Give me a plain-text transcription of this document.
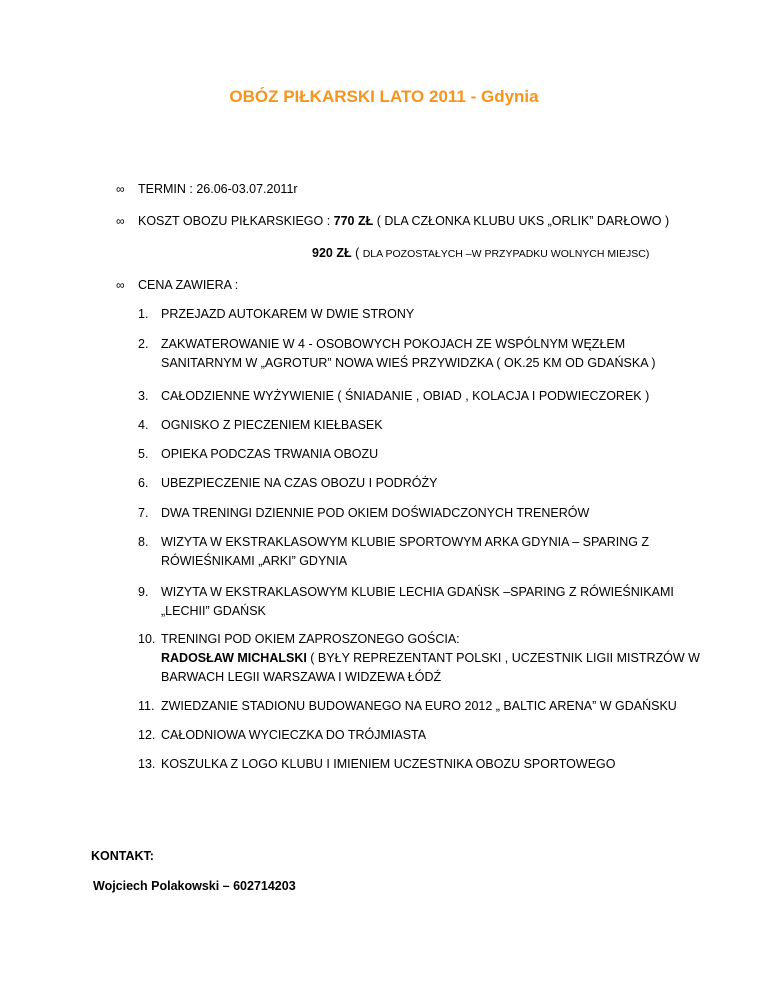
OBÓZ PIŁKARSKI LATO 2011 - Gdynia
∞ TERMIN : 26.06-03.07.2011r
∞ KOSZT OBOZU PIŁKARSKIEGO : 770 ZŁ ( DLA CZŁONKA KLUBU UKS „ORLIK” DARŁOWO )
920 ZŁ ( DLA POZOSTAŁYCH –W PRZYPADKU WOLNYCH MIEJSC)
∞ CENA ZAWIERA :
1. PRZEJAZD AUTOKAREM W DWIE STRONY
2. ZAKWATEROWANIE W 4 - OSOBOWYCH POKOJACH ZE WSPÓLNYM WĘZŁEM
SANITARNYM W „AGROTUR” NOWA WIEŚ PRZYWIDZKA ( OK.25 KM OD GDAŃSKA )
3. CAŁODZIENNE WYŻYWIENIE ( ŚNIADANIE , OBIAD , KOLACJA I PODWIECZOREK )
4. OGNISKO Z PIECZENIEM KIEŁBASEK
5. OPIEKA PODCZAS TRWANIA OBOZU
6. UBEZPIECZENIE NA CZAS OBOZU I PODRÓŻY
7. DWA TRENINGI DZIENNIE POD OKIEM DOŚWIADCZONYCH TRENERÓW
8. WIZYTA W EKSTRAKLASOWYM KLUBIE SPORTOWYM ARKA GDYNIA – SPARING Z
RÓWIEŚNIKAMI „ARKI” GDYNIA
9. WIZYTA W EKSTRAKLASOWYM KLUBIE LECHIA GDAŃSK –SPARING Z RÓWIEŚNIKAMI
„LECHII” GDAŃSK
10. TRENINGI POD OKIEM ZAPROSZONEGO GOŚCIA:
RADOSŁAW MICHALSKI ( BYŁY REPREZENTANT POLSKI , UCZESTNIK LIGII MISTRZÓW W
BARWACH LEGII WARSZAWA I WIDZEWA ŁÓDŹ
11. ZWIEDZANIE STADIONU BUDOWANEGO NA EURO 2012 „ BALTIC ARENA” W GDAŃSKU
12. CAŁODNIOWA WYCIECZKA DO TRÓJMIASTA
13. KOSZULKA Z LOGO KLUBU I IMIENIEM UCZESTNIKA OBOZU SPORTOWEGO
KONTAKT:
Wojciech Polakowski – 602714203
